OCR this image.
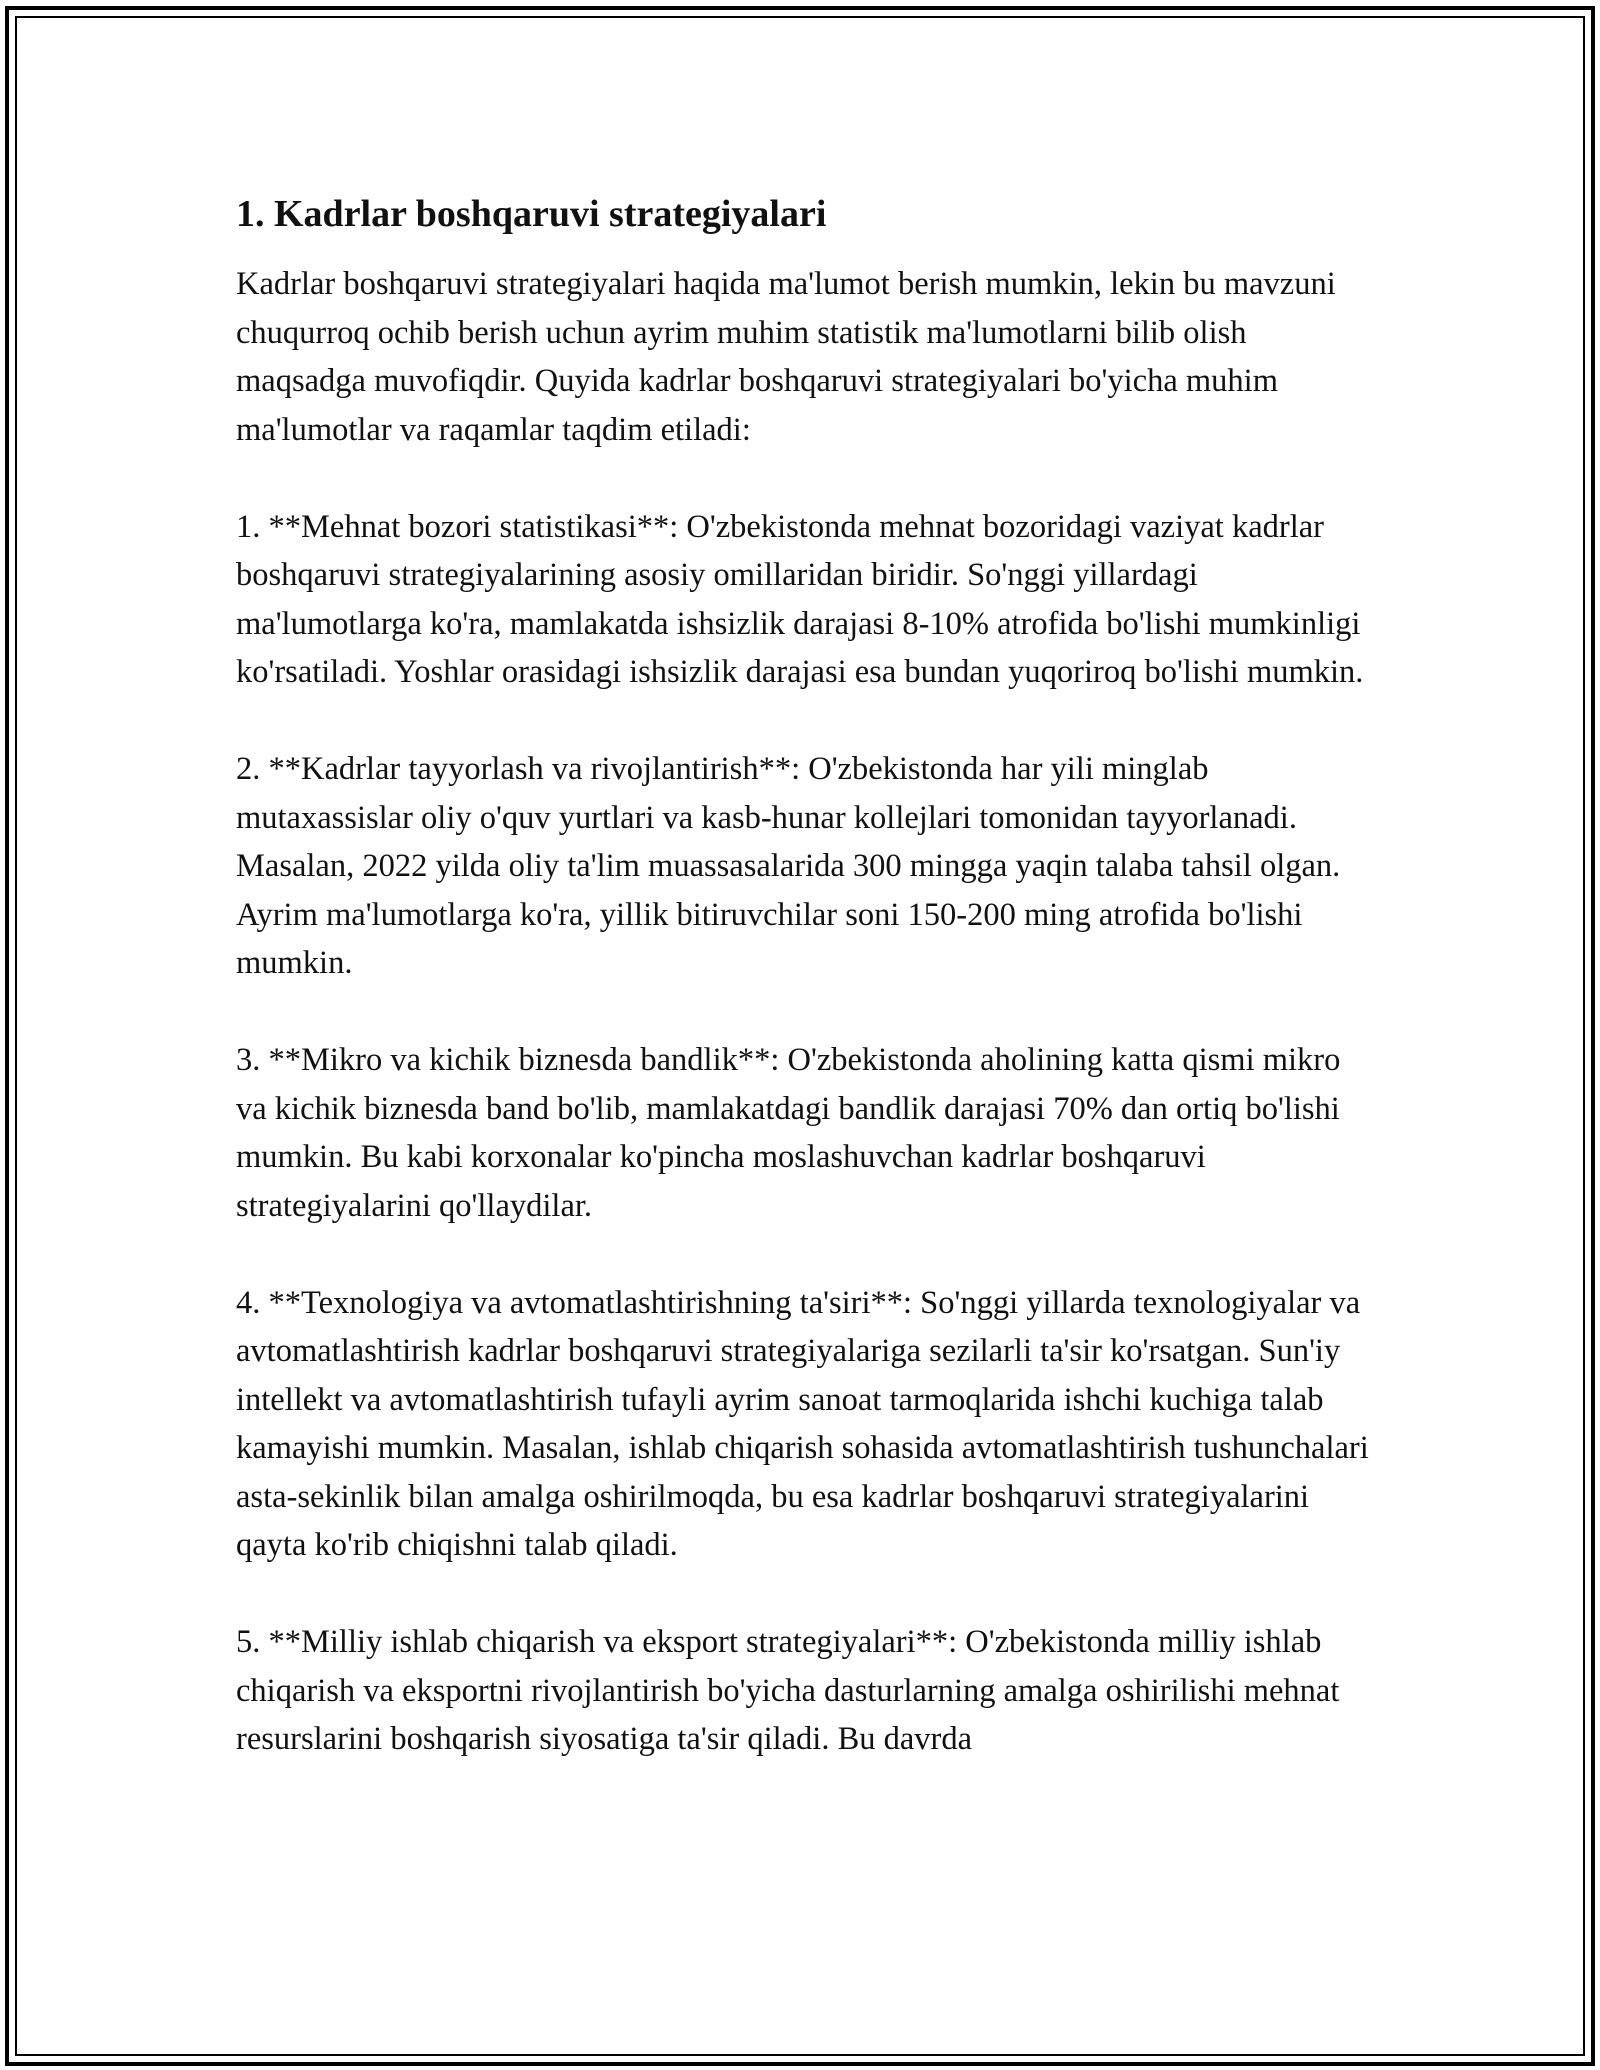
1. Kadrlar boshqaruvi strategiyalari

Kadrlar boshqaruvi strategiyalari haqida ma'lumot berish mumkin, lekin bu mavzuni chuqurroq ochib berish uchun ayrim muhim statistik ma'lumotlarni bilib olish maqsadga muvofiqdir. Quyida kadrlar boshqaruvi strategiyalari bo'yicha muhim ma'lumotlar va raqamlar taqdim etiladi:

1. **Mehnat bozori statistikasi**: O'zbekistonda mehnat bozoridagi vaziyat kadrlar boshqaruvi strategiyalarining asosiy omillaridan biridir. So'nggi yillardagi ma'lumotlarga ko'ra, mamlakatda ishsizlik darajasi 8-10% atrofida bo'lishi mumkinligi ko'rsatiladi. Yoshlar orasidagi ishsizlik darajasi esa bundan yuqoriroq bo'lishi mumkin.

2. **Kadrlar tayyorlash va rivojlantirish**: O'zbekistonda har yili minglab mutaxassislar oliy o'quv yurtlari va kasb-hunar kollejlari tomonidan tayyorlanadi. Masalan, 2022 yilda oliy ta'lim muassasalarida 300 mingga yaqin talaba tahsil olgan. Ayrim ma'lumotlarga ko'ra, yillik bitiruvchilar soni 150-200 ming atrofida bo'lishi mumkin.

3. **Mikro va kichik biznesda bandlik**: O'zbekistonda aholining katta qismi mikro va kichik biznesda band bo'lib, mamlakatdagi bandlik darajasi 70% dan ortiq bo'lishi mumkin. Bu kabi korxonalar ko'pincha moslashuvchan kadrlar boshqaruvi strategiyalarini qo'llaydilar.

4. **Texnologiya va avtomatlashtirishning ta'siri**: So'nggi yillarda texnologiyalar va avtomatlashtirish kadrlar boshqaruvi strategiyalariga sezilarli ta'sir ko'rsatgan. Sun'iy intellekt va avtomatlashtirish tufayli ayrim sanoat tarmoqlarida ishchi kuchiga talab kamayishi mumkin. Masalan, ishlab chiqarish sohasida avtomatlashtirish tushunchalari asta-sekinlik bilan amalga oshirilmoqda, bu esa kadrlar boshqaruvi strategiyalarini qayta ko'rib chiqishni talab qiladi.

5. **Milliy ishlab chiqarish va eksport strategiyalari**: O'zbekistonda milliy ishlab chiqarish va eksportni rivojlantirish bo'yicha dasturlarning amalga oshirilishi mehnat resurslarini boshqarish siyosatiga ta'sir qiladi. Bu davrda
